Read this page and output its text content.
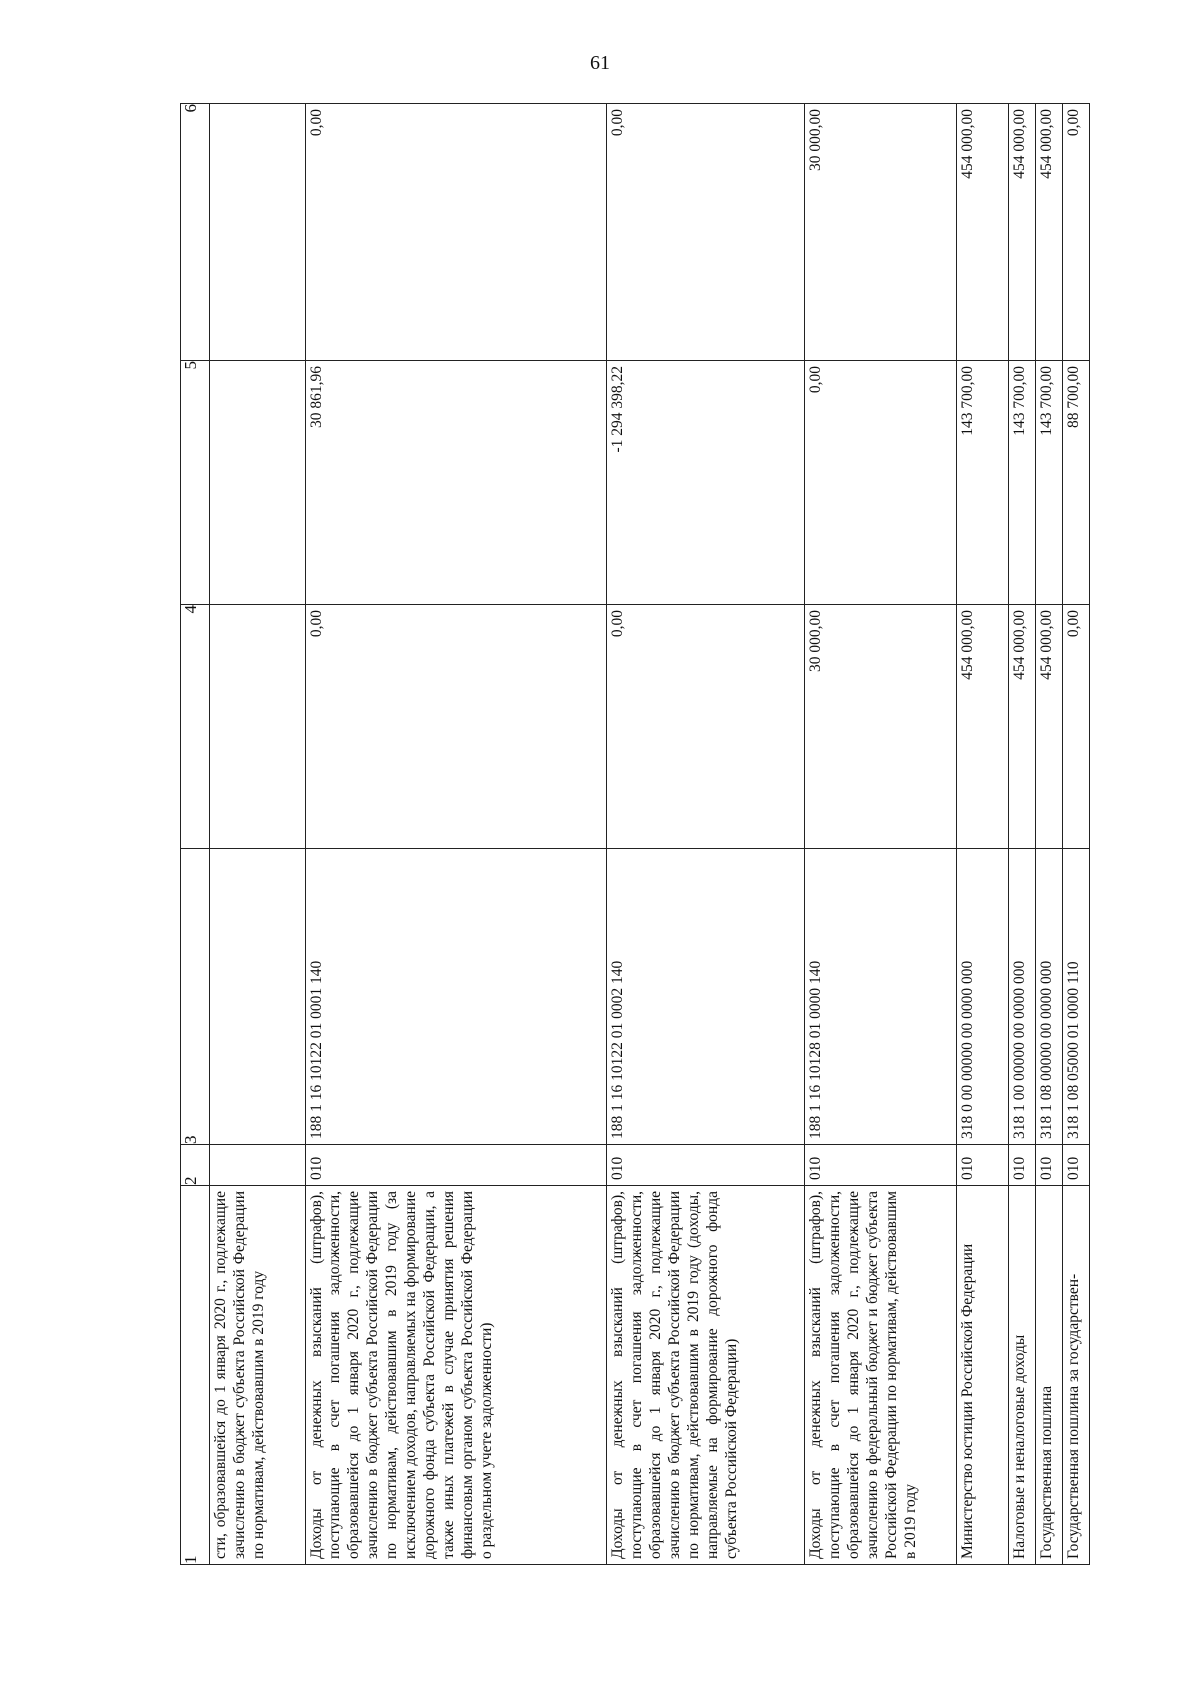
61
1	2	3	4	5	6
сти, образовавшейся до 1 января 2020 г., подлежащие зачислению в бюджет субъекта Российской Федерации по нормативам, действовавшим в 2019 году					
Доходы от денежных взысканий (штрафов), поступающие в счет погашения задолженности, образовавшейся до 1 января 2020 г., подлежащие зачислению в бюджет субъекта Российской Федерации по нормативам, действовавшим в 2019 году (за исключением доходов, направляемых на формирование дорожного фонда субъекта Российской Федерации, а также иных платежей в случае принятия решения финансовым органом субъекта Российской Федерации о раздельном учете задолженности)	010	188 1 16 10122 01 0001 140	0,00	30 861,96	0,00
Доходы от денежных взысканий (штрафов), поступающие в счет погашения задолженности, образовавшейся до 1 января 2020 г., подлежащие зачислению в бюджет субъекта Российской Федерации по нормативам, действовавшим в 2019 году (доходы, направляемые на формирование дорожного фонда субъекта Российской Федерации)	010	188 1 16 10122 01 0002 140	0,00	-1 294 398,22	0,00
Доходы от денежных взысканий (штрафов), поступающие в счет погашения задолженности, образовавшейся до 1 января 2020 г., подлежащие зачислению в федеральный бюджет и бюджет субъекта Российской Федерации по нормативам, действовавшим в 2019 году	010	188 1 16 10128 01 0000 140	30 000,00	0,00	30 000,00
Министерство юстиции Российской Федерации	010	318 0 00 00000 00 0000 000	454 000,00	143 700,00	454 000,00
Налоговые и неналоговые доходы	010	318 1 00 00000 00 0000 000	454 000,00	143 700,00	454 000,00
Государственная пошлина	010	318 1 08 00000 00 0000 000	454 000,00	143 700,00	454 000,00
Государственная пошлина за государствен-	010	318 1 08 05000 01 0000 110	0,00	88 700,00	0,00
